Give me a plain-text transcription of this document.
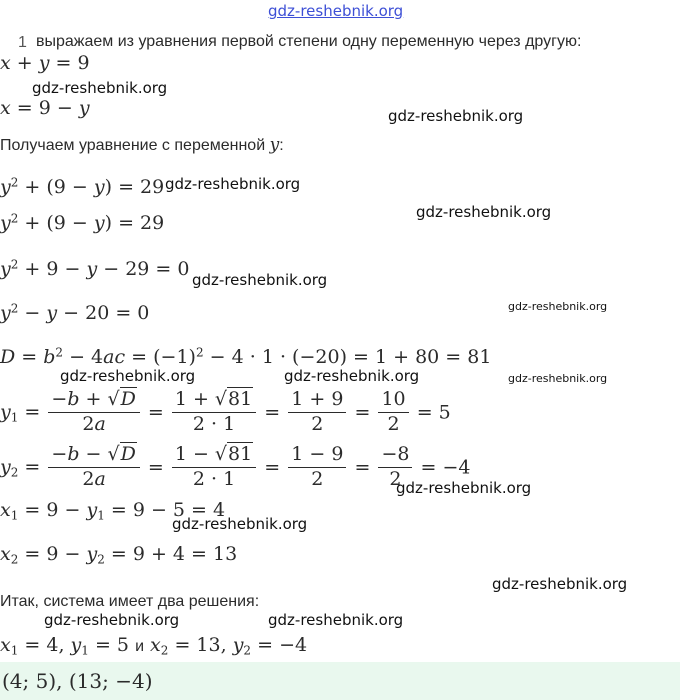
gdz-reshebnik.org
1 выражаем из уравнения первой степени одну переменную через другую:
x + y = 9
gdz-reshebnik.org
x = 9 − y	gdz-reshebnik.org
Получаем уравнение с переменной y:
$y^2 + (9 - y) = 29$ gdz-reshebnik.org
$y^2 + (9 - y) = 29$	gdz-reshebnik.org
$y^2 + 9 - y - 29 = 0$ gdz-reshebnik.org
$y^2 - y - 20 = 0$	gdz-reshebnik.org
$D = b^2 - 4ac = (-1)^2 - 4 \cdot 1 \cdot (-20) = 1 + 80 = 81$
gdz-reshebnik.org	gdz-reshebnik.org	gdz-reshebnik.org
$y_1 = \frac{-b + √D}{2a} = \frac{1 + √81}{2 \cdot 1} = \frac{1 + 9}{2} = \frac{10}{2} = 5$
$y_2 = \frac{-b - √D}{2a} = \frac{1 - √81}{2 \cdot 1} = \frac{1 - 9}{2} = \frac{-8}{2} = -4$
gdz-reshebnik.org
$x_1 = 9 - y_1 = 9 - 5 = 4$
gdz-reshebnik.org
$x_2 = 9 - y_2 = 9 + 4 = 13$
gdz-reshebnik.org
Итак, система имеет два решения:
gdz-reshebnik.org	gdz-reshebnik.org
$x_1 = 4$, $y_1 = 5$ и $x_2 = 13$, $y_2 = -4$
(4; 5), (13; −4)
